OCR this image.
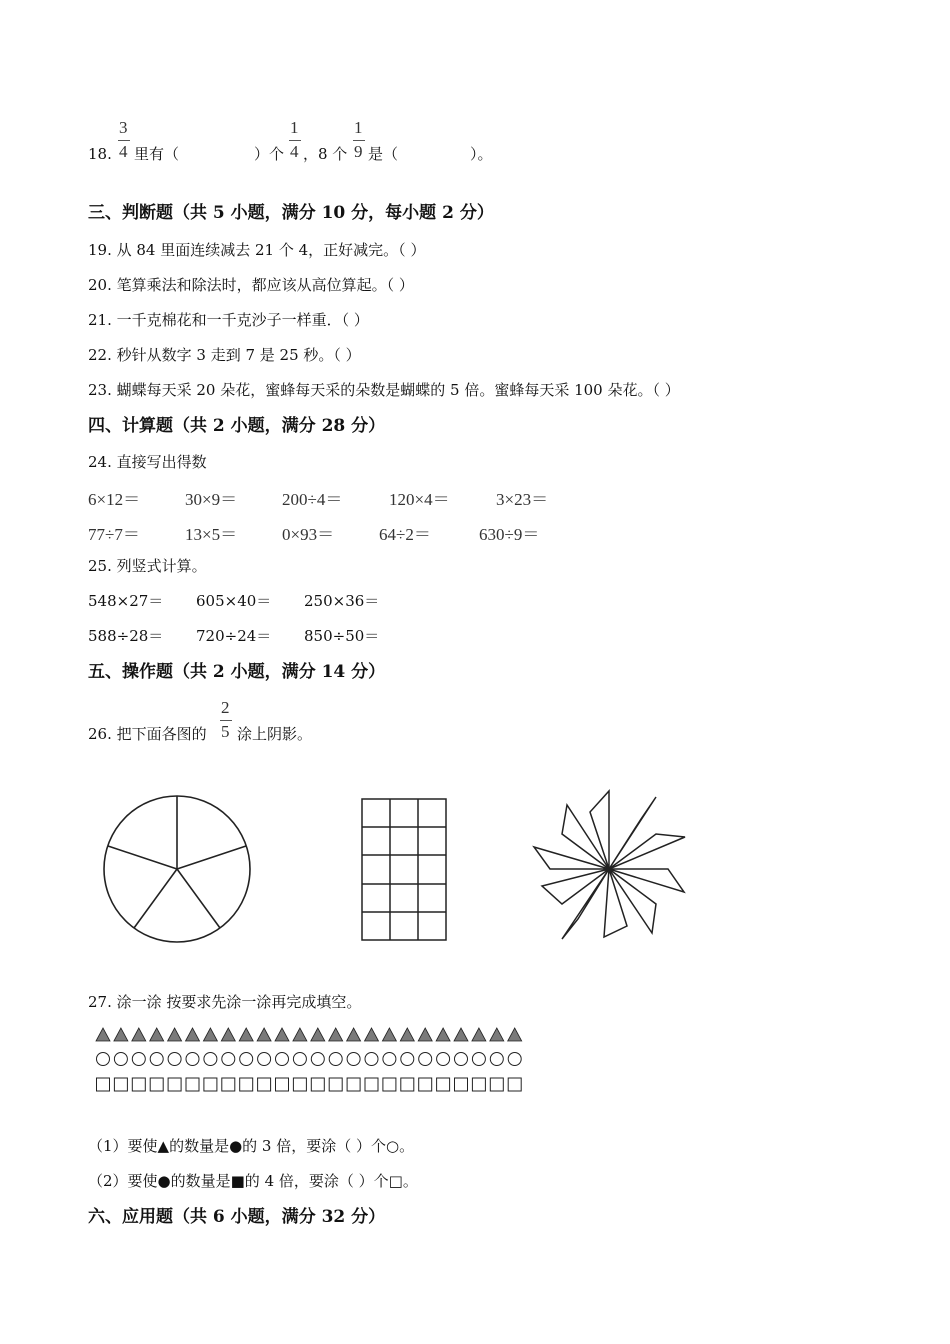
18.
3
4 里有（	）个
1
4 ，8 个
1
9 是（	）。
三、判断题（共 5 小题，满分 10 分，每小题 2 分）
19. 从 84 里面连续减去 21 个 4，正好减完。（ ）
20. 笔算乘法和除法时，都应该从高位算起。（ ）
21. 一千克棉花和一千克沙子一样重．（ ）
22. 秒针从数字 3 走到 7 是 25 秒。（ ）
23. 蝴蝶每天采 20 朵花，蜜蜂每天采的朵数是蝴蝶的 5 倍。蜜蜂每天采 100 朵花。（ ）
四、计算题（共 2 小题，满分 28 分）
24. 直接写出得数
6×12＝	30×9＝	200÷4＝	120×4＝	3×23＝
77÷7＝	13×5＝	0×93＝	64÷2＝	630÷9＝
25. 列竖式计算。
548×27＝ 605×40＝ 250×36＝
588÷28＝ 720÷24＝ 850÷50＝
五、操作题（共 2 小题，满分 14 分）
26. 把下面各图的
2
5 涂上阴影。
27. 涂一涂 按要求先涂一涂再完成填空。
（1）要使▲的数量是●的 3 倍，要涂（ ）个○。
（2）要使●的数量是■的 4 倍，要涂（ ）个□。
六、应用题（共 6 小题，满分 32 分）
